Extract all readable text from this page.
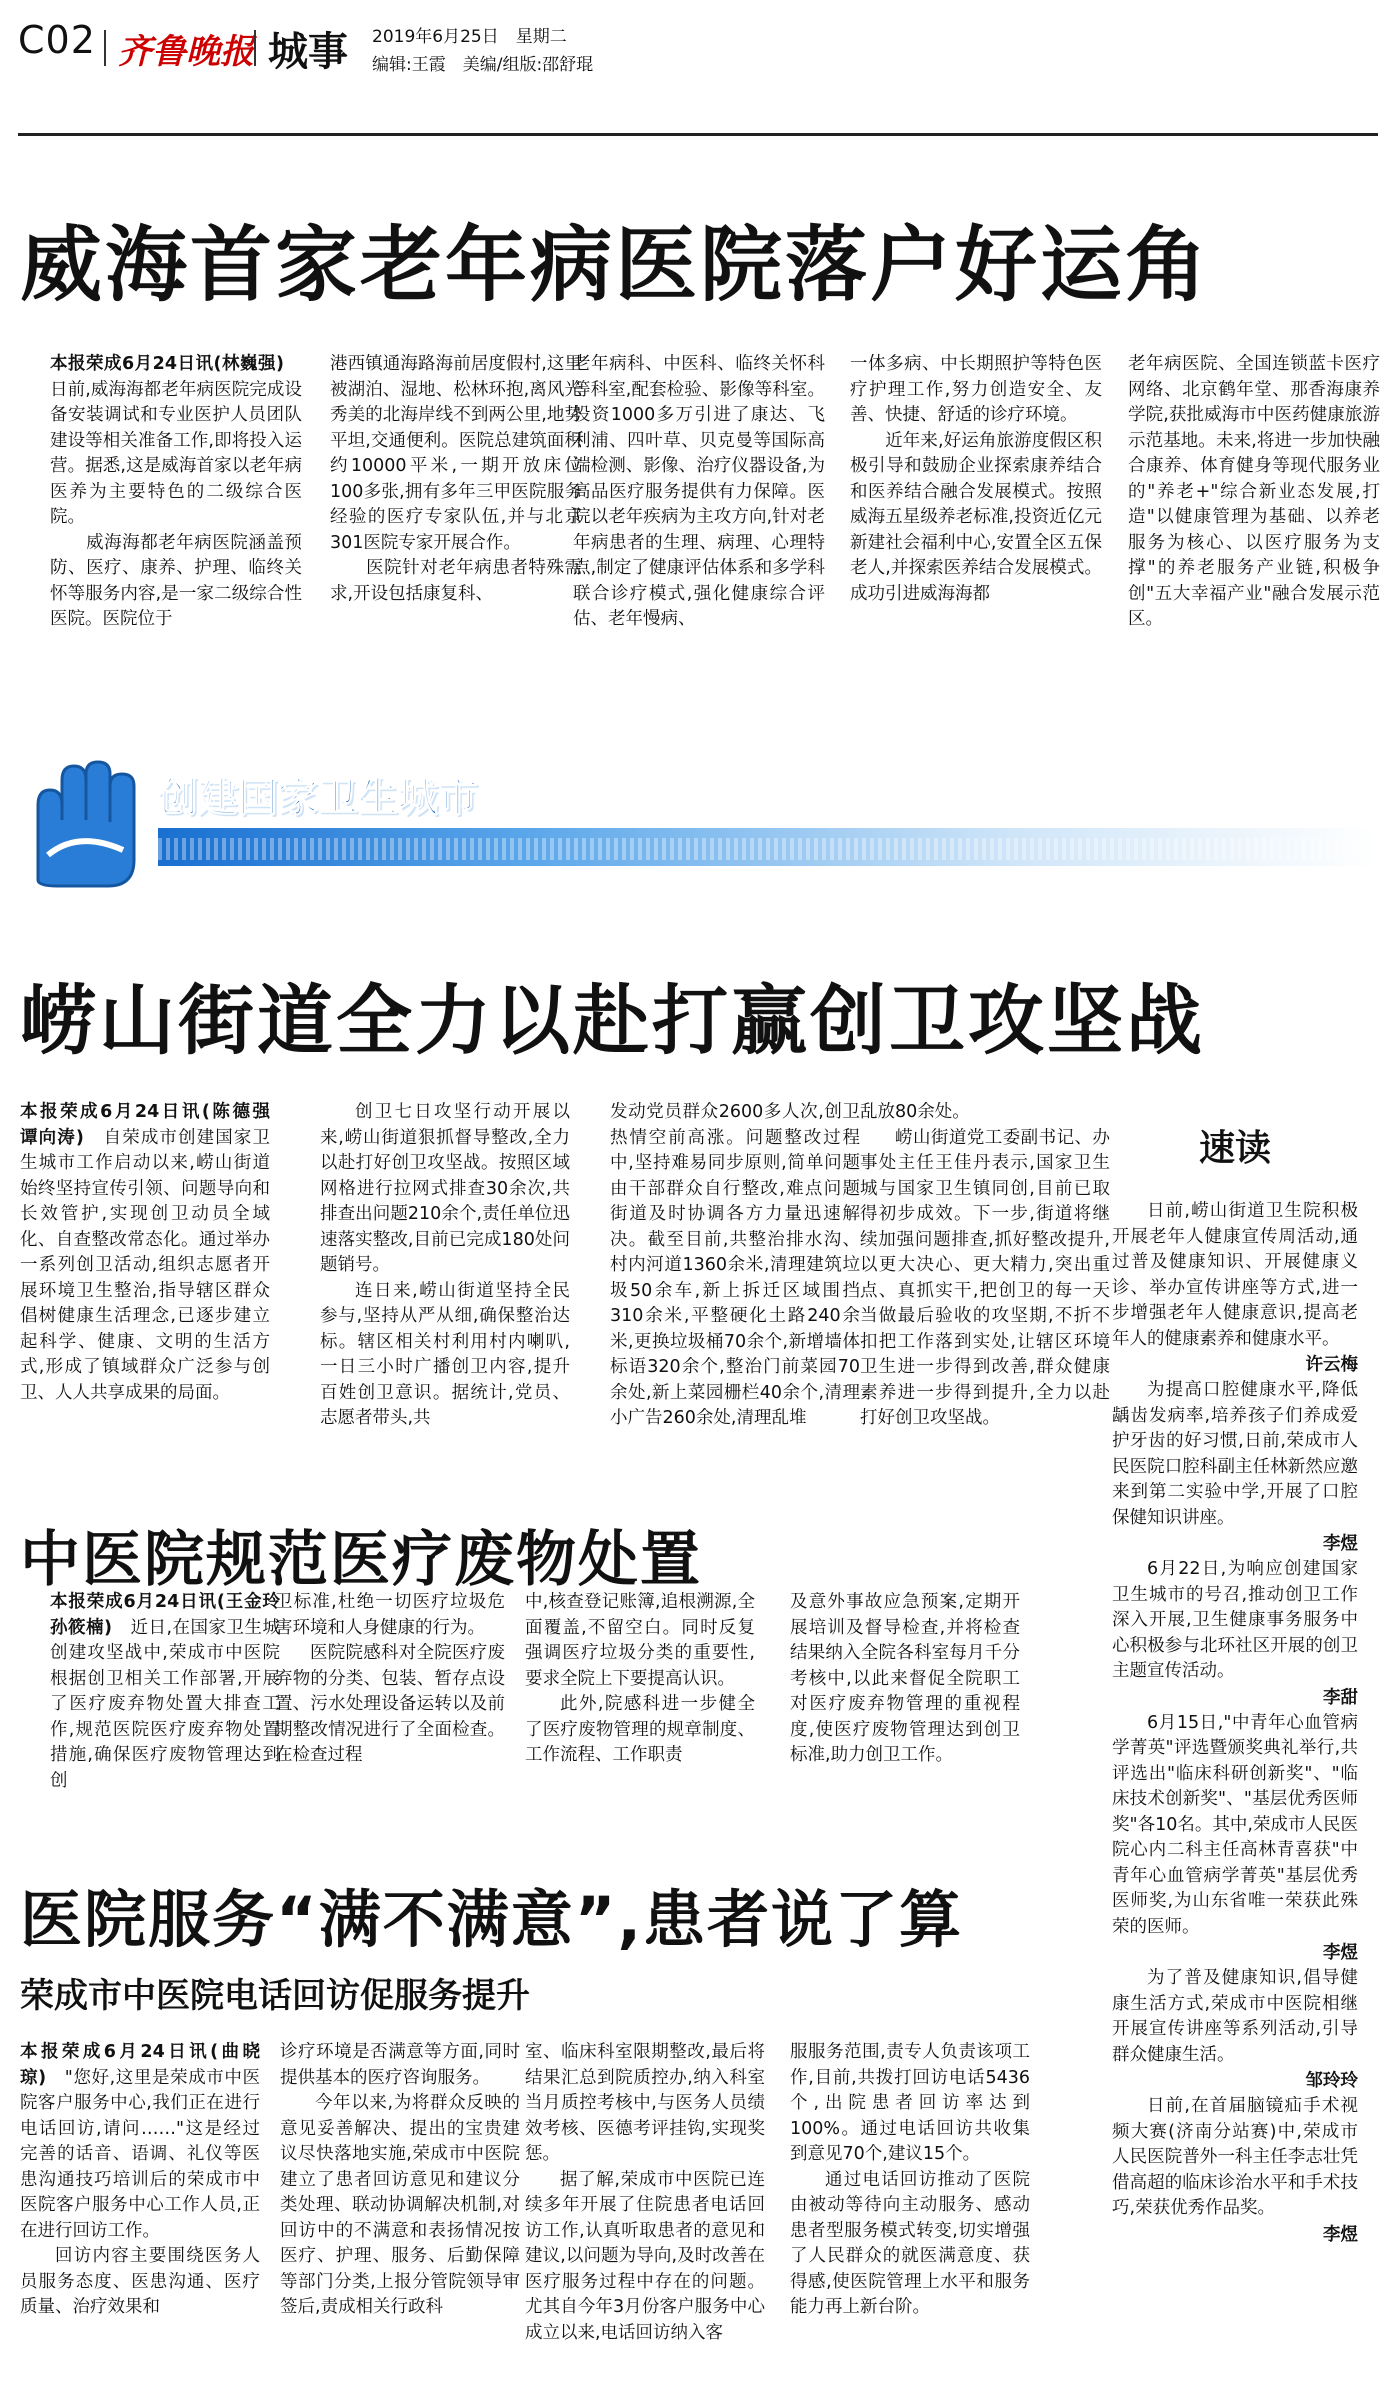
C02 齐鲁晚报 城事 2019年6月25日　星期二
编辑:王霞　美编/组版:邵舒琨
威海首家老年病医院落户好运角
本报荣成6月24日讯(林巍强)　日前,威海海都老年病医院完成设备安装调试和专业医护人员团队建设等相关准备工作,即将投入运营。据悉,这是威海首家以老年病医养为主要特色的二级综合医院。
　　威海海都老年病医院涵盖预防、医疗、康养、护理、临终关怀等服务内容,是一家二级综合性医院。医院位于
港西镇通海路海前居度假村,这里被湖泊、湿地、松林环抱,离风光秀美的北海岸线不到两公里,地势平坦,交通便利。医院总建筑面积约10000平米,一期开放床位100多张,拥有多年三甲医院服务经验的医疗专家队伍,并与北京301医院专家开展合作。
　　医院针对老年病患者特殊需求,开设包括康复科、
老年病科、中医科、临终关怀科等科室,配套检验、影像等科室。投资1000多万引进了康达、飞利浦、四叶草、贝克曼等国际高端检测、影像、治疗仪器设备,为高品医疗服务提供有力保障。医院以老年疾病为主攻方向,针对老年病患者的生理、病理、心理特点,制定了健康评估体系和多学科联合诊疗模式,强化健康综合评估、老年慢病、
一体多病、中长期照护等特色医疗护理工作,努力创造安全、友善、快捷、舒适的诊疗环境。
　　近年来,好运角旅游度假区积极引导和鼓励企业探索康养结合和医养结合融合发展模式。按照威海五星级养老标准,投资近亿元新建社会福利中心,安置全区五保老人,并探索医养结合发展模式。成功引进威海海都
老年病医院、全国连锁蓝卡医疗网络、北京鹤年堂、那香海康养学院,获批威海市中医药健康旅游示范基地。未来,将进一步加快融合康养、体育健身等现代服务业的"养老+"综合新业态发展,打造"以健康管理为基础、以养老服务为核心、以医疗服务为支撑"的养老服务产业链,积极争创"五大幸福产业"融合发展示范区。
创建国家卫生城市
崂山街道全力以赴打赢创卫攻坚战
本报荣成6月24日讯(陈德强　谭向涛)　自荣成市创建国家卫生城市工作启动以来,崂山街道始终坚持宣传引领、问题导向和长效管护,实现创卫动员全域化、自查整改常态化。通过举办一系列创卫活动,组织志愿者开展环境卫生整治,指导辖区群众倡树健康生活理念,已逐步建立起科学、健康、文明的生活方式,形成了镇域群众广泛参与创卫、人人共享成果的局面。

创卫七日攻坚行动开展以来,崂山街道狠抓督导整改,全力以赴打好创卫攻坚战。按照区域网格进行拉网式排查30余次,共排查出问题210余个,责任单位迅速落实整改,目前已完成180处问题销号。

连日来,崂山街道坚持全民参与,坚持从严从细,确保整治达标。辖区相关村利用村内喇叭,一日三小时广播创卫内容,提升百姓创卫意识。据统计,党员、志愿者带头,共

发动党员群众2600多人次,创卫热情空前高涨。问题整改过程中,坚持难易同步原则,简单问题由干部群众自行整改,难点问题街道及时协调各方力量迅速解决。截至目前,共整治排水沟、村内河道1360余米,清理建筑垃圾50余车,新上拆迁区域围挡310余米,平整硬化土路240余米,更换垃圾桶70余个,新增墙体标语320余个,整治门前菜园70余处,新上菜园栅栏40余个,清理小广告260余处,清理乱堆
乱放80余处。

崂山街道党工委副书记、办事处主任王佳丹表示,国家卫生城与国家卫生镇同创,目前已取得初步成效。下一步,街道将继续加强问题排查,抓好整改提升,以更大决心、更大精力,突出重点、真抓实干,把创卫的每一天当做最后验收的攻坚期,不折不扣把工作落到实处,让辖区环境卫生进一步得到改善,群众健康素养进一步得到提升,全力以赴打好创卫攻坚战。

中医院规范医疗废物处置
本报荣成6月24日讯(王金玲　孙筱楠)　近日,在国家卫生城创建攻坚战中,荣成市中医院根据创卫相关工作部署,开展了医疗废弃物处置大排查工作,规范医院医疗废弃物处置措施,确保医疗废物管理达到创
卫标准,杜绝一切医疗垃圾危害环境和人身健康的行为。

医院院感科对全院医疗废弃物的分类、包装、暂存点设置、污水处理设备运转以及前期整改情况进行了全面检查。在检查过程

中,核查登记账簿,追根溯源,全面覆盖,不留空白。同时反复强调医疗垃圾分类的重要性,要求全院上下要提高认识。

此外,院感科进一步健全了医疗废物管理的规章制度、工作流程、工作职责

及意外事故应急预案,定期开展培训及督导检查,并将检查结果纳入全院各科室每月千分考核中,以此来督促全院职工对医疗废弃物管理的重视程度,使医疗废物管理达到创卫标准,助力创卫工作。
医院服务“满不满意”,患者说了算
荣成市中医院电话回访促服务提升
本报荣成6月24日讯(曲晓琼)　"您好,这里是荣成市中医院客户服务中心,我们正在进行电话回访,请问……"这是经过完善的话音、语调、礼仪等医患沟通技巧培训后的荣成市中医院客户服务中心工作人员,正在进行回访工作。

回访内容主要围绕医务人员服务态度、医患沟通、医疗质量、治疗效果和

诊疗环境是否满意等方面,同时提供基本的医疗咨询服务。

今年以来,为将群众反映的意见妥善解决、提出的宝贵建议尽快落地实施,荣成市中医院建立了患者回访意见和建议分类处理、联动协调解决机制,对回访中的不满意和表扬情况按医疗、护理、服务、后勤保障等部门分类,上报分管院领导审签后,责成相关行政科

室、临床科室限期整改,最后将结果汇总到院质控办,纳入科室当月质控考核中,与医务人员绩效考核、医德考评挂钩,实现奖惩。

据了解,荣成市中医院已连续多年开展了住院患者电话回访工作,认真听取患者的意见和建议,以问题为导向,及时改善在医疗服务过程中存在的问题。尤其自今年3月份客户服务中心成立以来,电话回访纳入客

服服务范围,责专人负责该项工作,目前,共拨打回访电话5436个,出院患者回访率达到100%。通过电话回访共收集到意见70个,建议15个。

通过电话回访推动了医院由被动等待向主动服务、感动患者型服务模式转变,切实增强了人民群众的就医满意度、获得感,使医院管理上水平和服务能力再上新台阶。

速读

日前,崂山街道卫生院积极开展老年人健康宣传周活动,通过普及健康知识、开展健康义诊、举办宣传讲座等方式,进一步增强老年人健康意识,提高老年人的健康素养和健康水平。

许云梅

为提高口腔健康水平,降低龋齿发病率,培养孩子们养成爱护牙齿的好习惯,日前,荣成市人民医院口腔科副主任林新然应邀来到第二实验中学,开展了口腔保健知识讲座。

李煜

6月22日,为响应创建国家卫生城市的号召,推动创卫工作深入开展,卫生健康事务服务中心积极参与北环社区开展的创卫主题宣传活动。

李甜

6月15日,"中青年心血管病学菁英"评选暨颁奖典礼举行,共评选出"临床科研创新奖"、"临床技术创新奖"、"基层优秀医师奖"各10名。其中,荣成市人民医院心内二科主任高林青喜获"中青年心血管病学菁英"基层优秀医师奖,为山东省唯一荣获此殊荣的医师。

李煜

为了普及健康知识,倡导健康生活方式,荣成市中医院相继开展宣传讲座等系列活动,引导群众健康生活。

邹玲玲

日前,在首届脑镜疝手术视频大赛(济南分站赛)中,荣成市人民医院普外一科主任李志壮凭借高超的临床诊治水平和手术技巧,荣获优秀作品奖。

李煜
